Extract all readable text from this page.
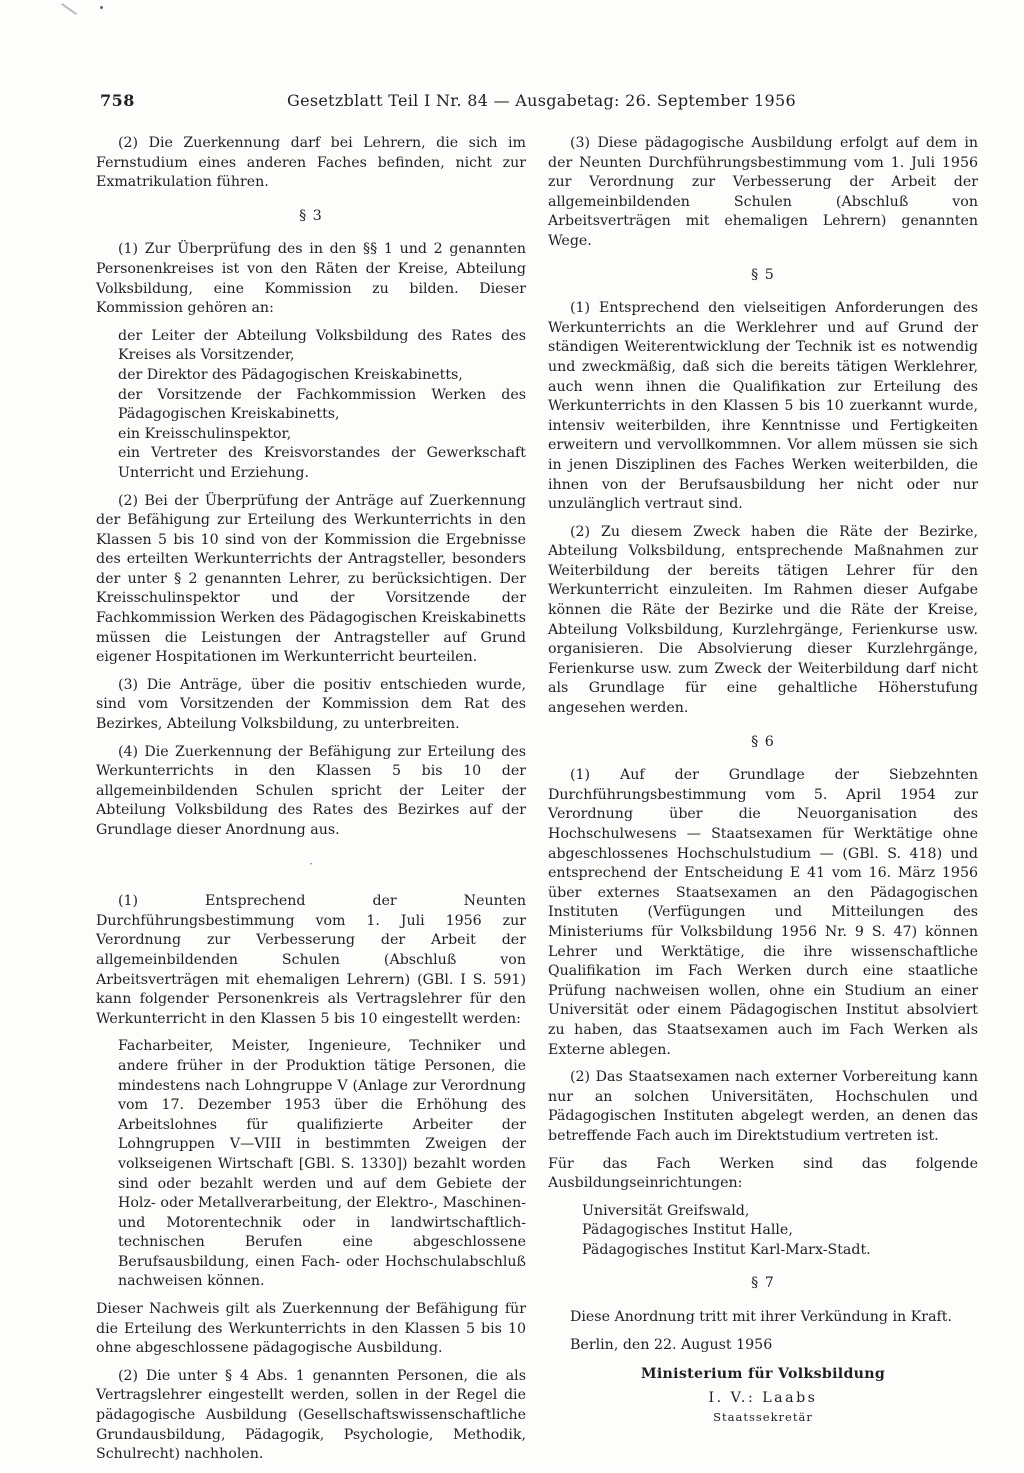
758	Gesetzblatt Teil I Nr. 84 — Ausgabetag: 26. September 1956

(2) Die Zuerkennung darf bei Lehrern, die sich im Fernstudium eines anderen Faches befinden, nicht zur Exmatrikulation führen.

§ 3

(1) Zur Überprüfung des in den §§ 1 und 2 genannten Personenkreises ist von den Räten der Kreise, Abteilung Volksbildung, eine Kommission zu bilden. Dieser Kommission gehören an:

der Leiter der Abteilung Volksbildung des Rates des Kreises als Vorsitzender,
der Direktor des Pädagogischen Kreiskabinetts,
der Vorsitzende der Fachkommission Werken des Pädagogischen Kreiskabinetts,
ein Kreisschulinspektor,
ein Vertreter des Kreisvorstandes der Gewerkschaft Unterricht und Erziehung.

(2) Bei der Überprüfung der Anträge auf Zuerkennung der Befähigung zur Erteilung des Werkunterrichts in den Klassen 5 bis 10 sind von der Kommission die Ergebnisse des erteilten Werkunterrichts der Antragsteller, besonders der unter § 2 genannten Lehrer, zu berücksichtigen. Der Kreisschulinspektor und der Vorsitzende der Fachkommission Werken des Pädagogischen Kreiskabinetts müssen die Leistungen der Antragsteller auf Grund eigener Hospitationen im Werkunterricht beurteilen.

(3) Die Anträge, über die positiv entschieden wurde, sind vom Vorsitzenden der Kommission dem Rat des Bezirkes, Abteilung Volksbildung, zu unterbreiten.

(4) Die Zuerkennung der Befähigung zur Erteilung des Werkunterrichts in den Klassen 5 bis 10 der allgemeinbildenden Schulen spricht der Leiter der Abteilung Volksbildung des Rates des Bezirkes auf der Grundlage dieser Anordnung aus.

·

(1) Entsprechend der Neunten Durchführungsbestimmung vom 1. Juli 1956 zur Verordnung zur Verbesserung der Arbeit der allgemeinbildenden Schulen (Abschluß von Arbeitsverträgen mit ehemaligen Lehrern) (GBl. I S. 591) kann folgender Personenkreis als Vertragslehrer für den Werkunterricht in den Klassen 5 bis 10 eingestellt werden:

Facharbeiter, Meister, Ingenieure, Techniker und andere früher in der Produktion tätige Personen, die mindestens nach Lohngruppe V (Anlage zur Verordnung vom 17. Dezember 1953 über die Erhöhung des Arbeitslohnes für qualifizierte Arbeiter der Lohngruppen V—VIII in bestimmten Zweigen der volkseigenen Wirtschaft [GBl. S. 1330]) bezahlt worden sind oder bezahlt werden und auf dem Gebiete der Holz- oder Metallverarbeitung, der Elektro-, Maschinen- und Motorentechnik oder in landwirtschaftlich-technischen Berufen eine abgeschlossene Berufsausbildung, einen Fach- oder Hochschulabschluß nachweisen können.

Dieser Nachweis gilt als Zuerkennung der Befähigung für die Erteilung des Werkunterrichts in den Klassen 5 bis 10 ohne abgeschlossene pädagogische Ausbildung.

(2) Die unter § 4 Abs. 1 genannten Personen, die als Vertragslehrer eingestellt werden, sollen in der Regel die pädagogische Ausbildung (Gesellschaftswissenschaftliche Grundausbildung, Pädagogik, Psychologie, Methodik, Schulrecht) nachholen.

(3) Diese pädagogische Ausbildung erfolgt auf dem in der Neunten Durchführungsbestimmung vom 1. Juli 1956 zur Verordnung zur Verbesserung der Arbeit der allgemeinbildenden Schulen (Abschluß von Arbeitsverträgen mit ehemaligen Lehrern) genannten Wege.

§ 5

(1) Entsprechend den vielseitigen Anforderungen des Werkunterrichts an die Werklehrer und auf Grund der ständigen Weiterentwicklung der Technik ist es notwendig und zweckmäßig, daß sich die bereits tätigen Werklehrer, auch wenn ihnen die Qualifikation zur Erteilung des Werkunterrichts in den Klassen 5 bis 10 zuerkannt wurde, intensiv weiterbilden, ihre Kenntnisse und Fertigkeiten erweitern und vervollkommnen. Vor allem müssen sie sich in jenen Disziplinen des Faches Werken weiterbilden, die ihnen von der Berufsausbildung her nicht oder nur unzulänglich vertraut sind.

(2) Zu diesem Zweck haben die Räte der Bezirke, Abteilung Volksbildung, entsprechende Maßnahmen zur Weiterbildung der bereits tätigen Lehrer für den Werkunterricht einzuleiten. Im Rahmen dieser Aufgabe können die Räte der Bezirke und die Räte der Kreise, Abteilung Volksbildung, Kurzlehrgänge, Ferienkurse usw. organisieren. Die Absolvierung dieser Kurzlehrgänge, Ferienkurse usw. zum Zweck der Weiterbildung darf nicht als Grundlage für eine gehaltliche Höherstufung angesehen werden.

§ 6

(1) Auf der Grundlage der Siebzehnten Durchführungsbestimmung vom 5. April 1954 zur Verordnung über die Neuorganisation des Hochschulwesens — Staatsexamen für Werktätige ohne abgeschlossenes Hochschulstudium — (GBl. S. 418) und entsprechend der Entscheidung E 41 vom 16. März 1956 über externes Staatsexamen an den Pädagogischen Instituten (Verfügungen und Mitteilungen des Ministeriums für Volksbildung 1956 Nr. 9 S. 47) können Lehrer und Werktätige, die ihre wissenschaftliche Qualifikation im Fach Werken durch eine staatliche Prüfung nachweisen wollen, ohne ein Studium an einer Universität oder einem Pädagogischen Institut absolviert zu haben, das Staatsexamen auch im Fach Werken als Externe ablegen.

(2) Das Staatsexamen nach externer Vorbereitung kann nur an solchen Universitäten, Hochschulen und Pädagogischen Instituten abgelegt werden, an denen das betreffende Fach auch im Direktstudium vertreten ist.

Für das Fach Werken sind das folgende Ausbildungseinrichtungen:

Universität Greifswald,
Pädagogisches Institut Halle,
Pädagogisches Institut Karl-Marx-Stadt.
§ 7

Diese Anordnung tritt mit ihrer Verkündung in Kraft.

Berlin, den 22. August 1956

Ministerium für Volksbildung
I. V.: Laabs
Staatssekretär
